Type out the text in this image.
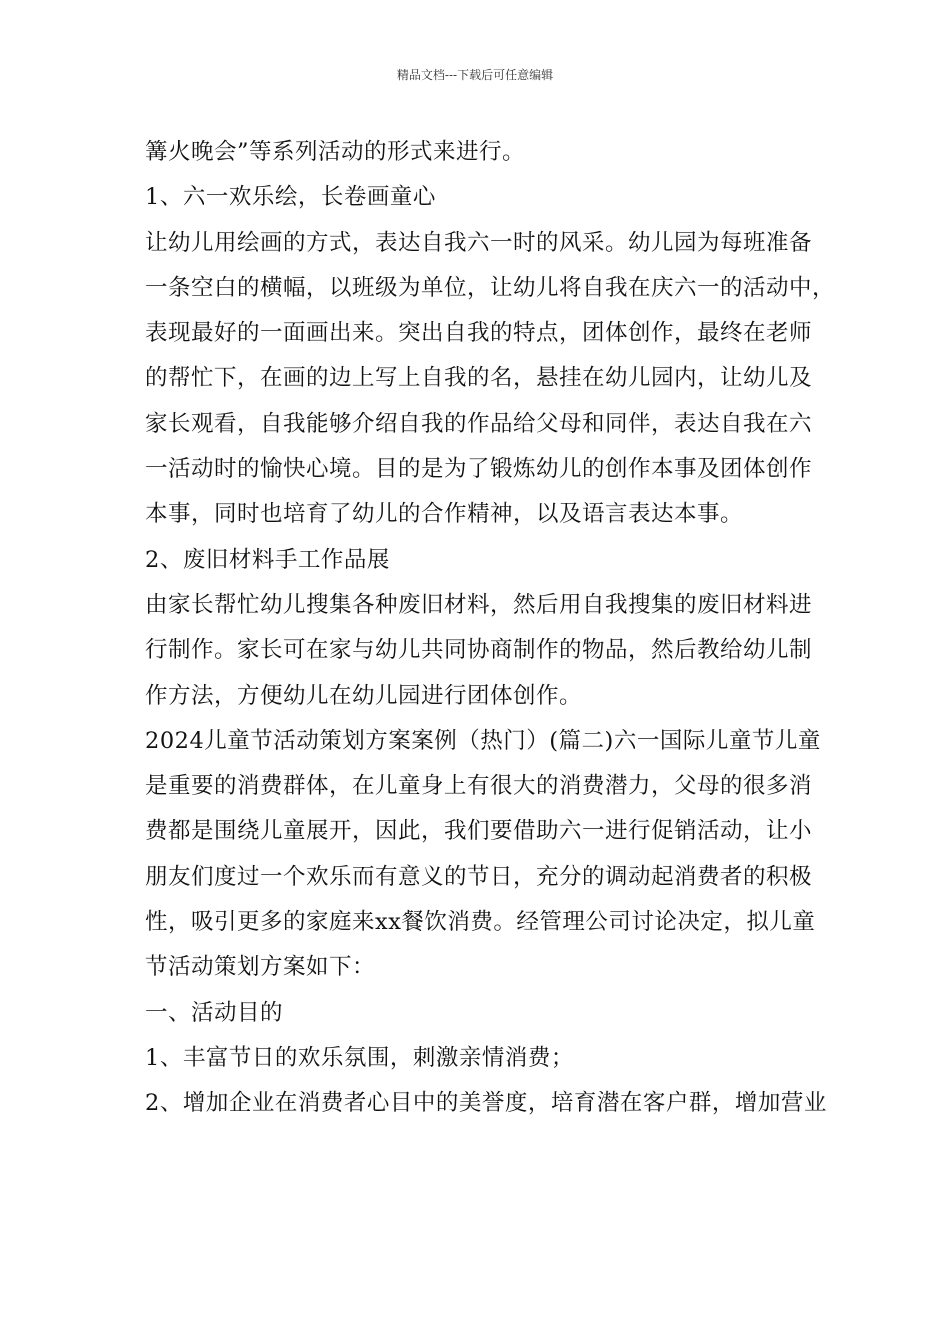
精品文档---下载后可任意编辑
篝火晚会”等系列活动的形式来进行。
1、六一欢乐绘，长卷画童心
让幼儿用绘画的方式，表达自我六一时的风采。幼儿园为每班准备
一条空白的横幅，以班级为单位，让幼儿将自我在庆六一的活动中，
表现最好的一面画出来。突出自我的特点，团体创作，最终在老师
的帮忙下，在画的边上写上自我的名，悬挂在幼儿园内，让幼儿及
家长观看，自我能够介绍自我的作品给父母和同伴，表达自我在六
一活动时的愉快心境。目的是为了锻炼幼儿的创作本事及团体创作
本事，同时也培育了幼儿的合作精神，以及语言表达本事。
2、废旧材料手工作品展
由家长帮忙幼儿搜集各种废旧材料，然后用自我搜集的废旧材料进
行制作。家长可在家与幼儿共同协商制作的物品，然后教给幼儿制
作方法，方便幼儿在幼儿园进行团体创作。
2024儿童节活动策划方案案例（热门）(篇二)六一国际儿童节儿童
是重要的消费群体，在儿童身上有很大的消费潜力，父母的很多消
费都是围绕儿童展开，因此，我们要借助六一进行促销活动，让小
朋友们度过一个欢乐而有意义的节日，充分的调动起消费者的积极
性，吸引更多的家庭来xx餐饮消费。经管理公司讨论决定，拟儿童
节活动策划方案如下：
一、活动目的
1、丰富节日的欢乐氛围，刺激亲情消费；
2、增加企业在消费者心目中的美誉度，培育潜在客户群，增加营业
